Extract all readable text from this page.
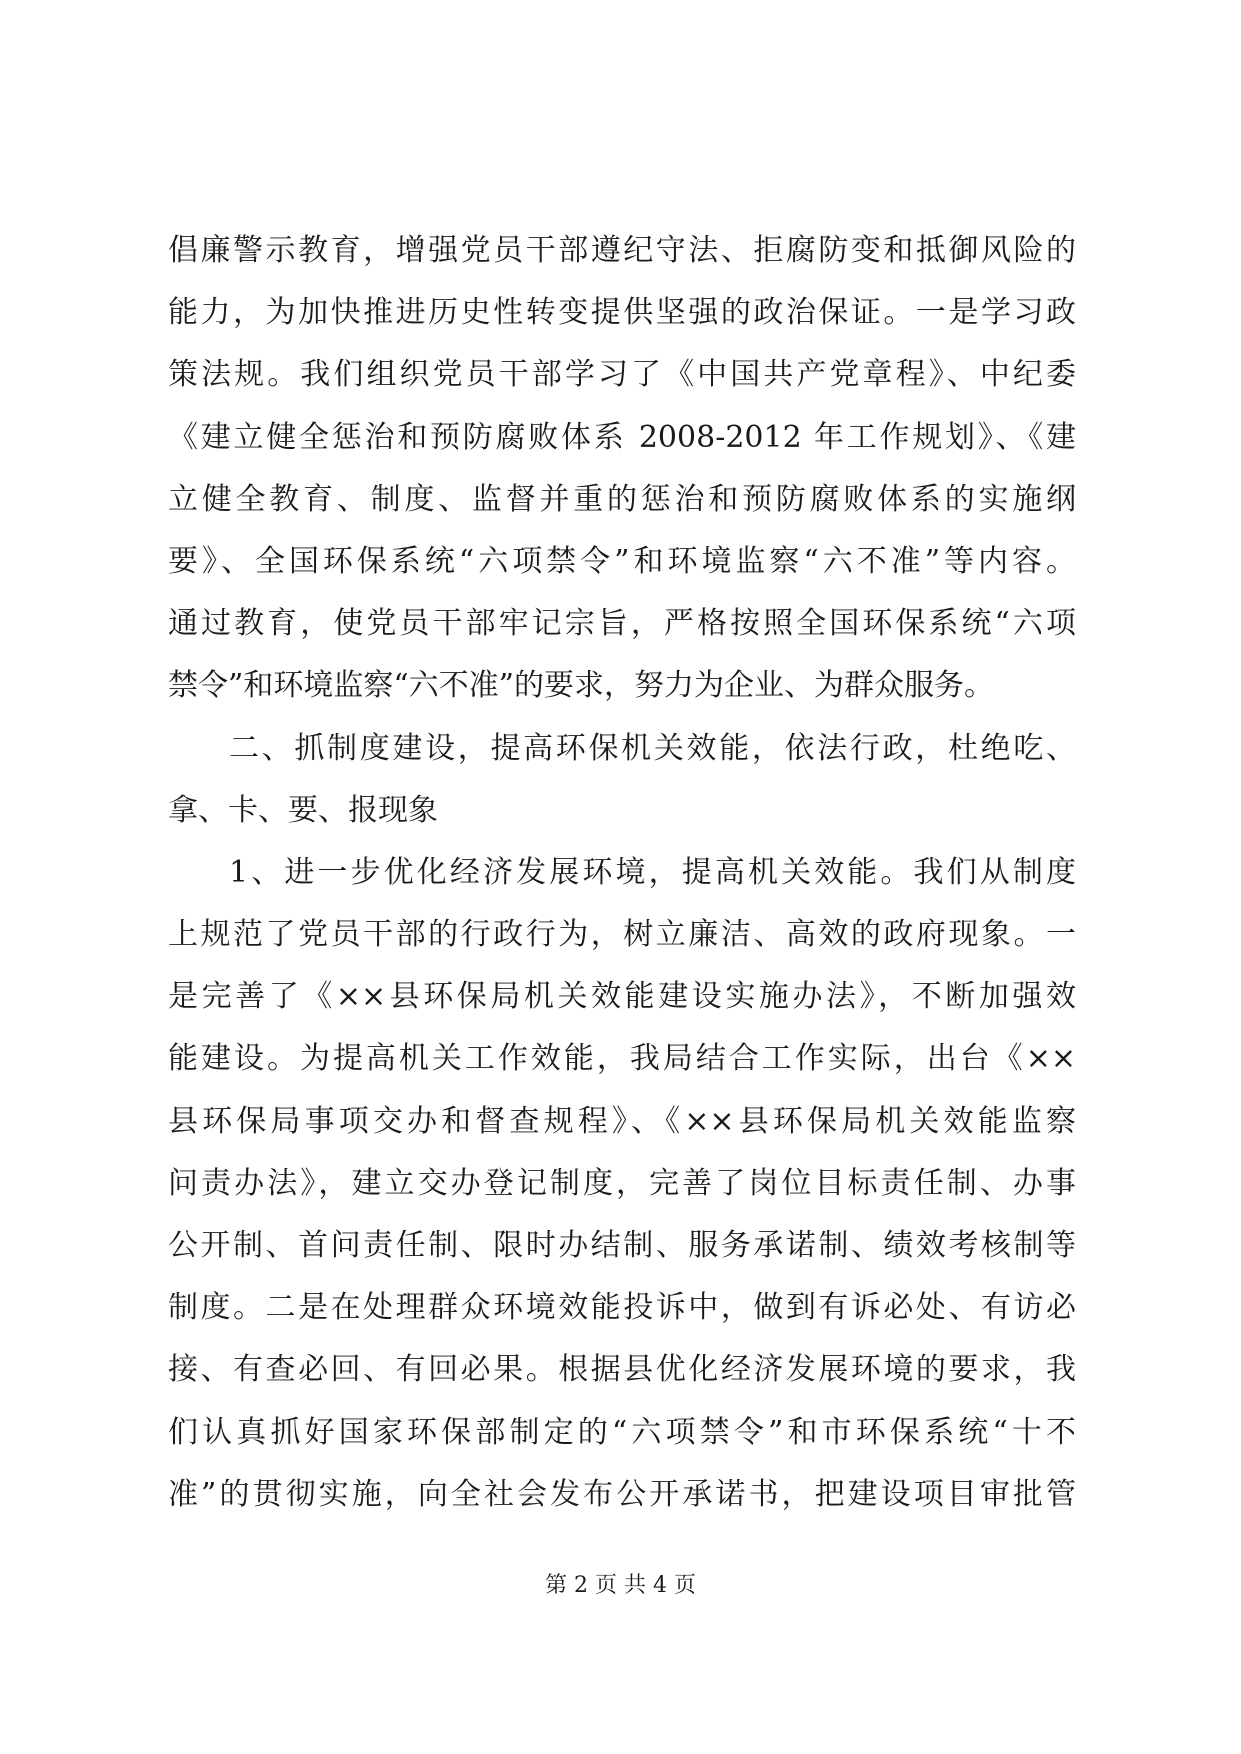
倡廉警示教育，增强党员干部遵纪守法、拒腐防变和抵御风险的
能力，为加快推进历史性转变提供坚强的政治保证。一是学习政
策法规。我们组织党员干部学习了《中国共产党章程》、中纪委
《建立健全惩治和预防腐败体系 2008-2012 年工作规划》、《建
立健全教育、制度、监督并重的惩治和预防腐败体系的实施纲
要》、全国环保系统“六项禁令”和环境监察“六不准”等内容。
通过教育，使党员干部牢记宗旨，严格按照全国环保系统“六项
禁令”和环境监察“六不准”的要求，努力为企业、为群众服务。
二、抓制度建设，提高环保机关效能，依法行政，杜绝吃、
拿、卡、要、报现象
1、进一步优化经济发展环境，提高机关效能。我们从制度
上规范了党员干部的行政行为，树立廉洁、高效的政府现象。一
是完善了《××县环保局机关效能建设实施办法》，不断加强效
能建设。为提高机关工作效能，我局结合工作实际，出台《××
县环保局事项交办和督查规程》、《××县环保局机关效能监察
问责办法》，建立交办登记制度，完善了岗位目标责任制、办事
公开制、首问责任制、限时办结制、服务承诺制、绩效考核制等
制度。二是在处理群众环境效能投诉中，做到有诉必处、有访必
接、有查必回、有回必果。根据县优化经济发展环境的要求，我
们认真抓好国家环保部制定的“六项禁令”和市环保系统“十不
准”的贯彻实施，向全社会发布公开承诺书，把建设项目审批管
第 2 页 共 4 页
